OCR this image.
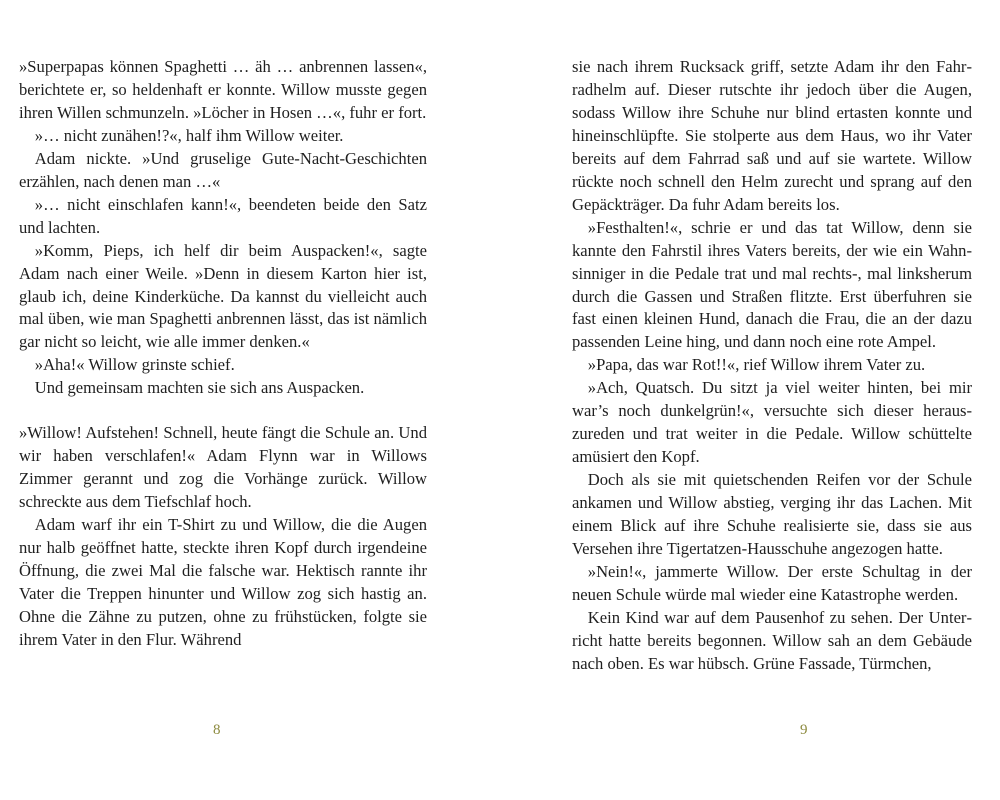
»Superpapas können Spaghetti … äh … anbrennen lassen«, berichtete er, so heldenhaft er konnte. Willow musste gegen ihren Willen schmunzeln. »Löcher in Hosen …«, fuhr er fort.

»… nicht zunähen!?«, half ihm Willow weiter.

Adam nickte. »Und gruselige Gute-Nacht-Geschichten erzählen, nach denen man …«

»… nicht einschlafen kann!«, beendeten beide den Satz und lachten.

»Komm, Pieps, ich helf dir beim Auspacken!«, sagte Adam nach einer Weile. »Denn in diesem Karton hier ist, glaub ich, deine Kinderküche. Da kannst du vielleicht auch mal üben, wie man Spaghetti anbrennen lässt, das ist nämlich gar nicht so leicht, wie alle immer denken.«

»Aha!« Willow grinste schief.

Und gemeinsam machten sie sich ans Auspacken.

»Willow! Aufstehen! Schnell, heute fängt die Schule an. Und wir haben verschlafen!« Adam Flynn war in Willows Zimmer gerannt und zog die Vorhänge zurück. Willow schreckte aus dem Tiefschlaf hoch.

Adam warf ihr ein T-Shirt zu und Willow, die die Augen nur halb geöffnet hatte, steckte ihren Kopf durch irgendeine Öffnung, die zwei Mal die falsche war. Hektisch rannte ihr Vater die Treppen hinunter und Willow zog sich hastig an. Ohne die Zähne zu putzen, ohne zu frühstücken, folgte sie ihrem Vater in den Flur. Während

8

sie nach ihrem Rucksack griff, setzte Adam ihr den Fahrradhelm auf. Dieser rutschte ihr jedoch über die Augen, sodass Willow ihre Schuhe nur blind ertasten konnte und hineinschlüpfte. Sie stolperte aus dem Haus, wo ihr Vater bereits auf dem Fahrrad saß und auf sie wartete. Willow rückte noch schnell den Helm zurecht und sprang auf den Gepäckträger. Da fuhr Adam bereits los.

»Festhalten!«, schrie er und das tat Willow, denn sie kannte den Fahrstil ihres Vaters bereits, der wie ein Wahnsinniger in die Pedale trat und mal rechts-, mal linksherum durch die Gassen und Straßen flitzte. Erst überfuhren sie fast einen kleinen Hund, danach die Frau, die an der dazu passenden Leine hing, und dann noch eine rote Ampel.

»Papa, das war Rot!!«, rief Willow ihrem Vater zu.

»Ach, Quatsch. Du sitzt ja viel weiter hinten, bei mir war’s noch dunkelgrün!«, versuchte sich dieser herauszureden und trat weiter in die Pedale. Willow schüttelte amüsiert den Kopf.

Doch als sie mit quietschenden Reifen vor der Schule ankamen und Willow abstieg, verging ihr das Lachen. Mit einem Blick auf ihre Schuhe realisierte sie, dass sie aus Versehen ihre Tigertatzen-Hausschuhe angezogen hatte.

»Nein!«, jammerte Willow. Der erste Schultag in der neuen Schule würde mal wieder eine Katastrophe werden.

Kein Kind war auf dem Pausenhof zu sehen. Der Unterricht hatte bereits begonnen. Willow sah an dem Gebäude nach oben. Es war hübsch. Grüne Fassade, Türmchen,

9
